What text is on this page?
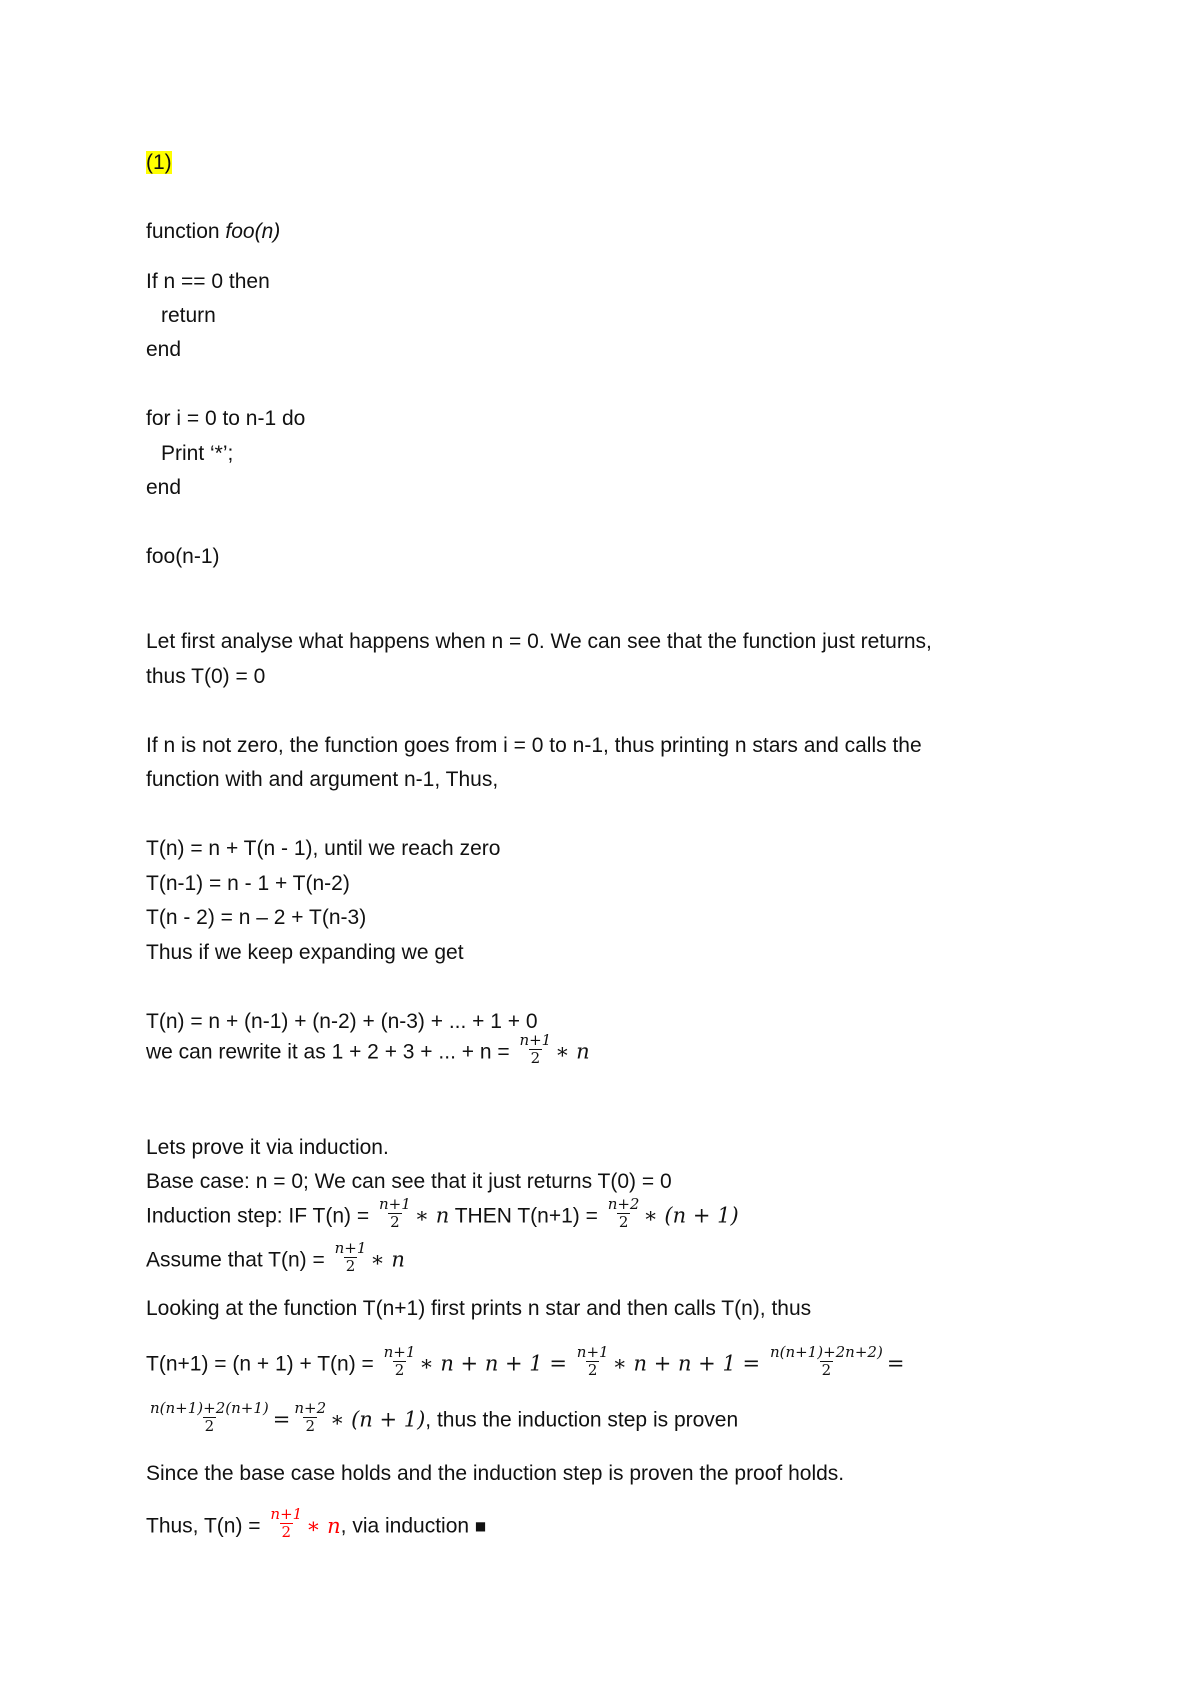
(1)
function foo(n)
If n == 0 then
return
end
for i = 0 to n-1 do
Print ‘*’;
end
foo(n-1)
Let first analyse what happens when n = 0. We can see that the function just returns,
thus T(0) = 0
If n is not zero, the function goes from i = 0 to n-1, thus printing n stars and calls the
function with and argument n-1, Thus,
T(n) = n + T(n - 1), until we reach zero
T(n-1) = n - 1 + T(n-2)
T(n - 2) = n – 2 + T(n-3)
Thus if we keep expanding we get
T(n) = n + (n-1) + (n-2) + (n-3) + ... + 1 + 0
we can rewrite it as 1 + 2 + 3 + ... + $n = \frac{n+1}{2}$ ∗ n
Lets prove it via induction.
Base case: n = 0; We can see that it just returns T(0) = 0
Induction step: IF $T(n) = \frac{n+1}{2}$ ∗ n THEN $T(n+1) = \frac{n+2}{2}$ ∗ (n + 1)
Assume that $T(n) = \frac{n+1}{2}$ ∗ n
Looking at the function T(n+1) first prints n star and then calls T(n), thus
$T(n+1) = (n + 1) + T(n) = \frac{n+1}{2}$ ∗ $n + n + 1 = \frac{n+1}{2}$ ∗ $n + n + 1 = \frac{n(n+1)+2n+2)}{2}$ =
$\frac{n(n+1)+2(n+1)}{2} = \frac{n+2}{2}$ ∗ (n + 1), thus the induction step is proven
Since the base case holds and the induction step is proven the proof holds.
Thus, $T(n) = \frac{n+1}{2}$ ∗ n, via induction ■
